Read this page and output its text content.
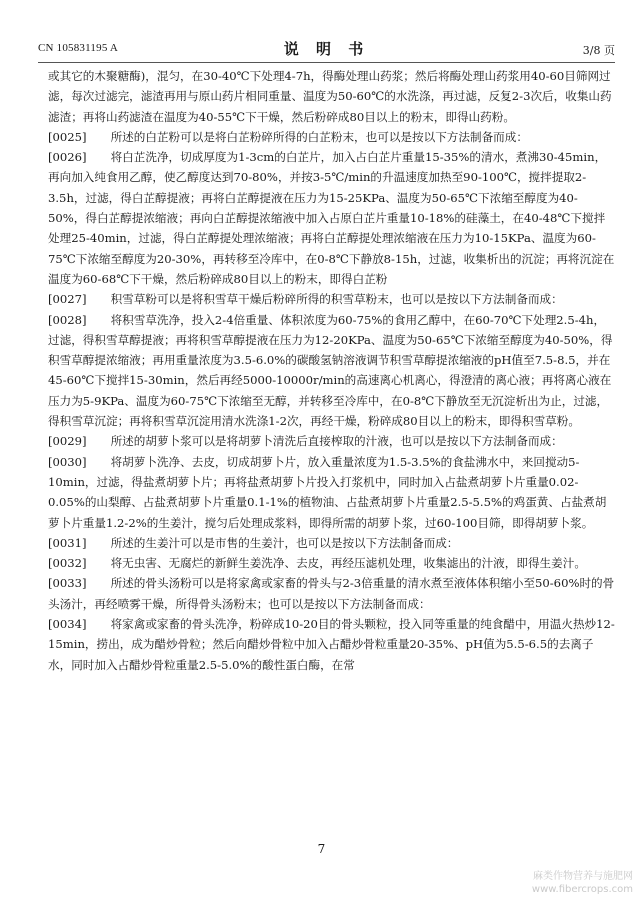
CN 105831195 A	说 明 书	3/8 页

或其它的木聚糖酶)，混匀，在30-40℃下处理4-7h，得酶处理山药浆；然后将酶处理山药浆用40-60目筛网过滤，每次过滤完，滤渣再用与原山药片相同重量、温度为50-60℃的水洗涤，再过滤，反复2-3次后，收集山药滤渣；再将山药滤渣在温度为40-55℃下干燥，然后粉碎成80目以上的粉末，即得山药粉。

[0025] 所述的白芷粉可以是将白芷粉碎所得的白芷粉末，也可以是按以下方法制备而成：

[0026] 将白芷洗净，切成厚度为1-3cm的白芷片，加入占白芷片重量15-35%的清水，煮沸30-45min，再向加入纯食用乙醇，使乙醇度达到70-80%，并按3-5℃/min的升温速度加热至90-100℃，搅拌提取2-3.5h，过滤，得白芷醇提液；再将白芷醇提液在压力为15-25KPa、温度为50-65℃下浓缩至醇度为40-50%，得白芷醇提浓缩液；再向白芷醇提浓缩液中加入占原白芷片重量10-18%的硅藻土，在40-48℃下搅拌处理25-40min，过滤，得白芷醇提处理浓缩液；再将白芷醇提处理浓缩液在压力为10-15KPa、温度为60-75℃下浓缩至醇度为20-30%，再转移至冷库中，在0-8℃下静放8-15h，过滤，收集析出的沉淀；再将沉淀在温度为60-68℃下干燥，然后粉碎成80目以上的粉末，即得白芷粉

[0027] 积雪草粉可以是将积雪草干燥后粉碎所得的积雪草粉末，也可以是按以下方法制备而成：

[0028] 将积雪草洗净，投入2-4倍重量、体积浓度为60-75%的食用乙醇中，在60-70℃下处理2.5-4h，过滤，得积雪草醇提液；再将积雪草醇提液在压力为12-20KPa、温度为50-65℃下浓缩至醇度为40-50%，得积雪草醇提浓缩液；再用重量浓度为3.5-6.0%的碳酸氢钠溶液调节积雪草醇提浓缩液的pH值至7.5-8.5，并在45-60℃下搅拌15-30min，然后再经5000-10000r/min的高速离心机离心，得澄清的离心液；再将离心液在压力为5-9KPa、温度为60-75℃下浓缩至无醇，并转移至冷库中，在0-8℃下静放至无沉淀析出为止，过滤，得积雪草沉淀；再将积雪草沉淀用清水洗涤1-2次，再经干燥，粉碎成80目以上的粉末，即得积雪草粉。

[0029] 所述的胡萝卜浆可以是将胡萝卜清洗后直接榨取的汁液，也可以是按以下方法制备而成：

[0030] 将胡萝卜洗净、去皮，切成胡萝卜片，放入重量浓度为1.5-3.5%的食盐沸水中，来回搅动5-10min，过滤，得盐煮胡萝卜片；再将盐煮胡萝卜片投入打浆机中，同时加入占盐煮胡萝卜片重量0.02-0.05%的山梨醇、占盐煮胡萝卜片重量0.1-1%的植物油、占盐煮胡萝卜片重量2.5-5.5%的鸡蛋黄、占盐煮胡萝卜片重量1.2-2%的生姜汁，搅匀后处理成浆料，即得所需的胡萝卜浆，过60-100目筛，即得胡萝卜浆。

[0031] 所述的生姜汁可以是市售的生姜汁，也可以是按以下方法制备而成：

[0032] 将无虫害、无腐烂的新鲜生姜洗净、去皮，再经压滤机处理，收集滤出的汁液，即得生姜汁。

[0033] 所述的骨头汤粉可以是将家禽或家畜的骨头与2-3倍重量的清水煮至液体体积缩小至50-60%时的骨头汤汁，再经喷雾干燥，所得骨头汤粉末；也可以是按以下方法制备而成：

[0034] 将家禽或家畜的骨头洗净，粉碎成10-20目的骨头颗粒，投入同等重量的纯食醋中，用温火热炒12-15min，捞出，成为醋炒骨粒；然后向醋炒骨粒中加入占醋炒骨粒重量20-35%、pH值为5.5-6.5的去离子水，同时加入占醋炒骨粒重量2.5-5.0%的酸性蛋白酶，在常

7
麻类作物营养与施肥网
www.fibercrops.com
